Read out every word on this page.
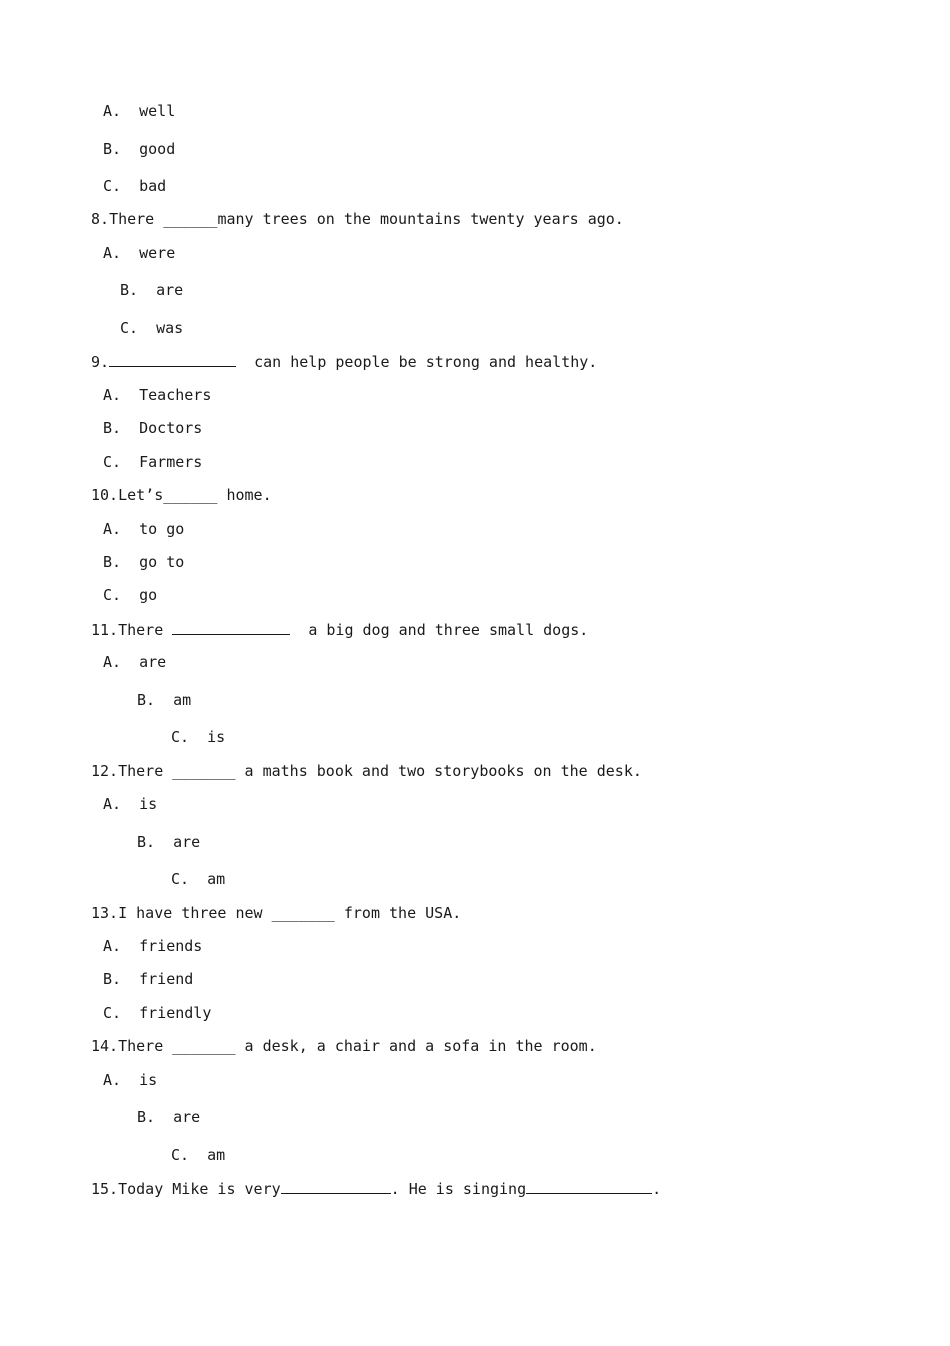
A.  well
B.  good
C.  bad
8.There ______many trees on the mountains twenty years ago.
A.  were
B.  are
C.  was
9.	can help people be strong and healthy.
A.  Teachers
B.  Doctors
C.  Farmers
10.Let’s______ home.
A.  to go
B.  go to
C.  go
11.There	a big dog and three small dogs.
A.  are
B.  am
C.  is
12.There _______ a maths book and two storybooks on the desk.
A.  is
B.  are
C.  am
13.I have three new _______ from the USA.
A.  friends
B.  friend
C.  friendly
14.There _______ a desk, a chair and a sofa in the room.
A.  is
B.  are
C.  am
15.Today Mike is very	. He is singing	.
